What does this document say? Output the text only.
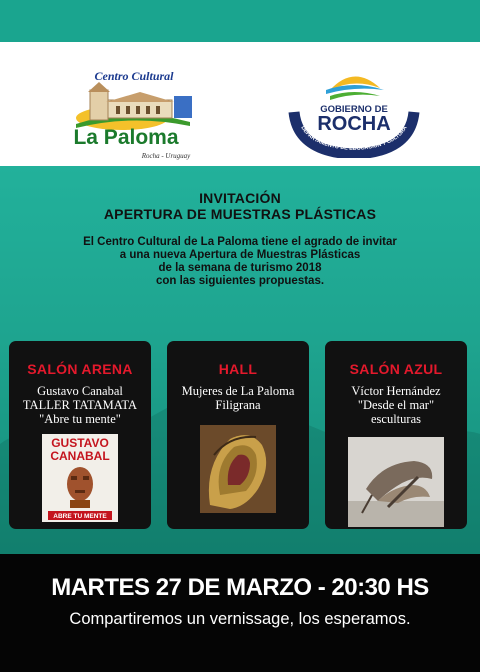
Centro Cultural
La Paloma
Rocha - Uruguay
GOBIERNO DE
ROCHA
DEPARTAMENTO DE EDUCACIÓN Y CULTURA
INVITACIÓN
APERTURA DE MUESTRAS PLÁSTICAS
El Centro Cultural de La Paloma tiene el agrado de invitar
a una nueva Apertura de Muestras Plásticas
de la semana de turismo 2018
con las siguientes propuestas.
SALÓN ARENA
Gustavo Canabal
TALLER TATAMATA
"Abre tu mente"
GUSTAVO
CANABAL
ABRE TU MENTE
HALL
Mujeres de La Paloma
Filigrana
SALÓN AZUL
Víctor Hernández
"Desde el mar"
esculturas
MARTES 27 DE MARZO - 20:30 HS
Compartiremos un vernissage, los esperamos.
